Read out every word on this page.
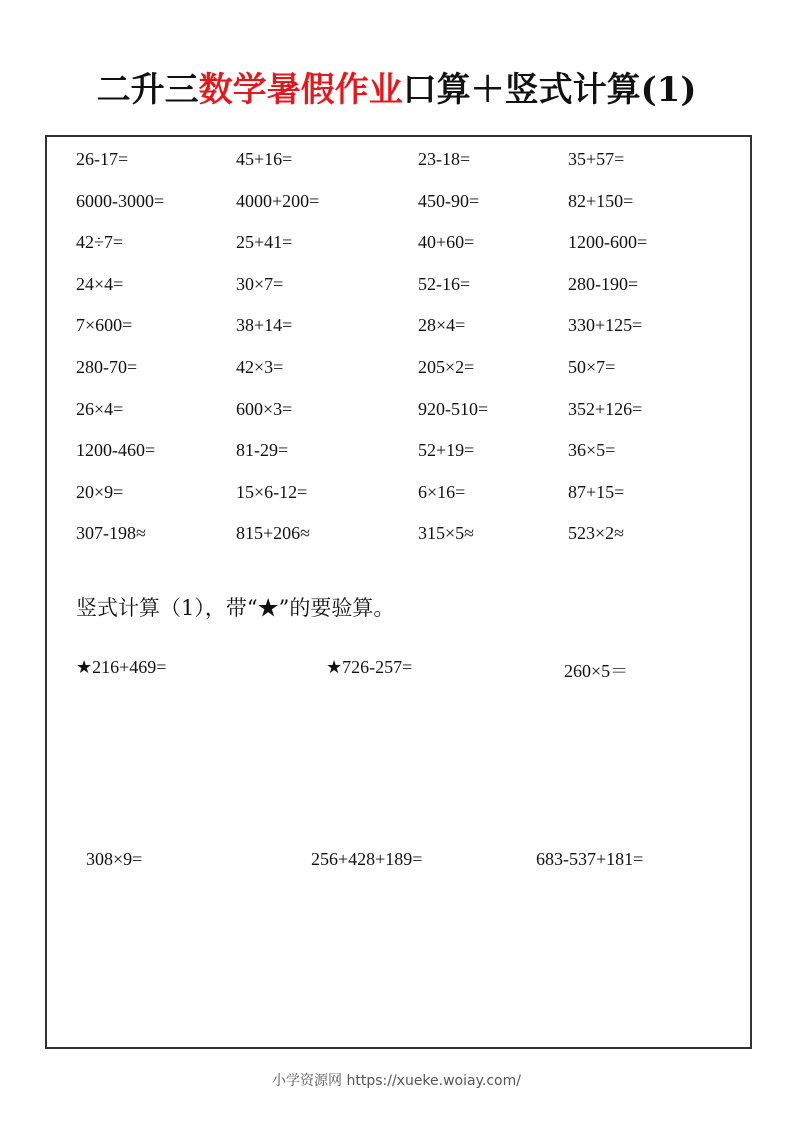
二升三数学暑假作业口算＋竖式计算(1)
26-17=	45+16=	23-18=	35+57=
6000-3000=	4000+200=	450-90=	82+150=
42÷7=	25+41=	40+60=	1200-600=
24×4=	30×7=	52-16=	280-190=
7×600=	38+14=	28×4=	330+125=
280-70=	42×3=	205×2=	50×7=
26×4=	600×3=	920-510=	352+126=
1200-460=	81-29=	52+19=	36×5=
20×9=	15×6-12=	6×16=	87+15=
307-198≈	815+206≈	315×5≈	523×2≈
竖式计算（1），带“★”的要验算。
★216+469=	★726-257=	260×5＝
308×9=	256+428+189=	683-537+181=
小学资源网 https://xueke.woiay.com/
